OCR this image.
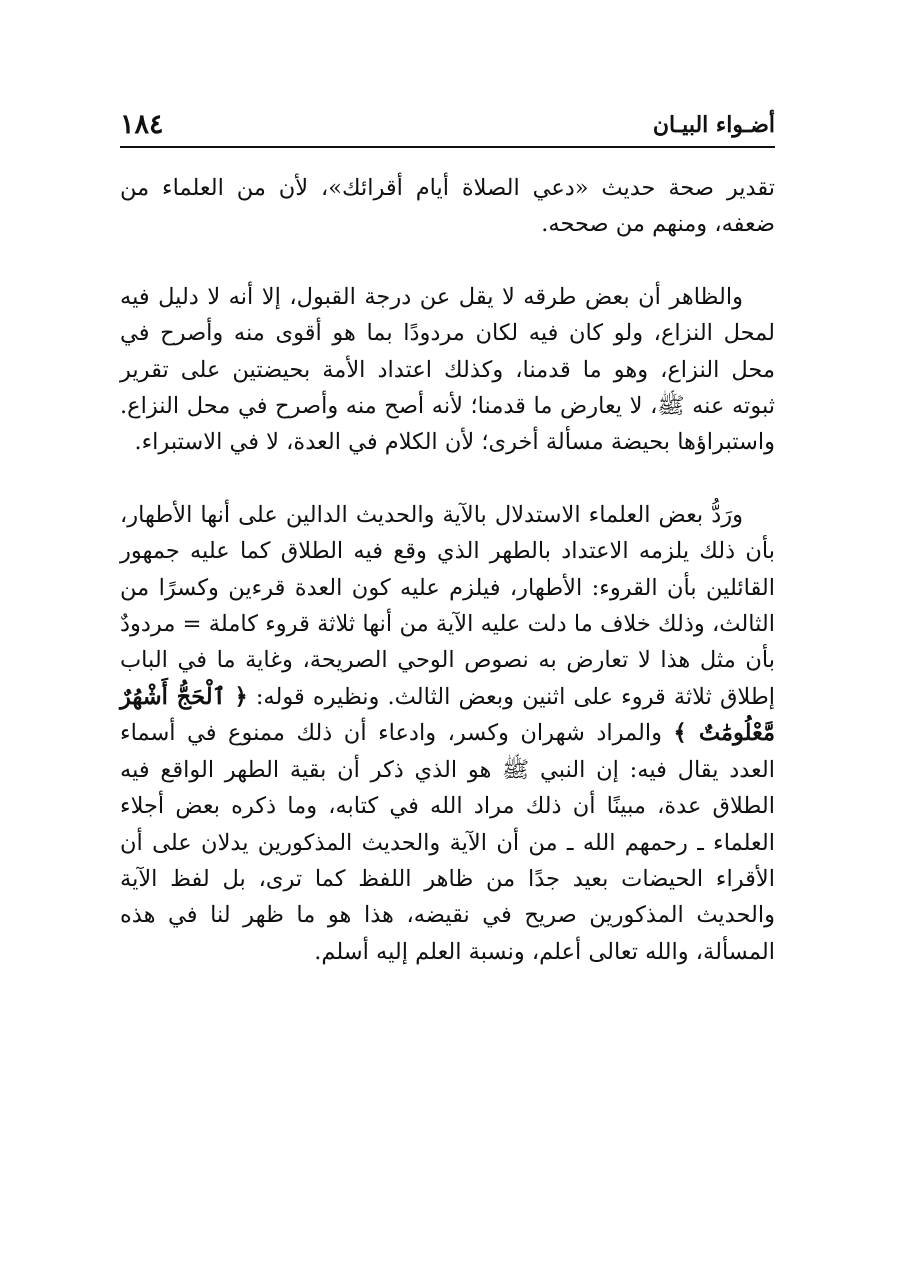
١٨٤	أضـواء البيـان

تقدير صحة حديث «دعي الصلاة أيام أقرائك»، لأن من العلماء من ضعفه، ومنهم من صححه.

والظاهر أن بعض طرقه لا يقل عن درجة القبول، إلا أنه لا دليل فيه لمحل النزاع، ولو كان فيه لكان مردودًا بما هو أقوى منه وأصرح في محل النزاع، وهو ما قدمنا، وكذلك اعتداد الأمة بحيضتين على تقرير ثبوته عنه ﷺ، لا يعارض ما قدمنا؛ لأنه أصح منه وأصرح في محل النزاع. واستبراؤها بحيضة مسألة أخرى؛ لأن الكلام في العدة، لا في الاستبراء.

ورَدُّ بعض العلماء الاستدلال بالآية والحديث الدالين على أنها الأطهار، بأن ذلك يلزمه الاعتداد بالطهر الذي وقع فيه الطلاق كما عليه جمهور القائلين بأن القروء: الأطهار، فيلزم عليه كون العدة قرءين وكسرًا من الثالث، وذلك خلاف ما دلت عليه الآية من أنها ثلاثة قروء كاملة = مردودٌ بأن مثل هذا لا تعارض به نصوص الوحي الصريحة، وغاية ما في الباب إطلاق ثلاثة قروء على اثنين وبعض الثالث. ونظيره قوله: ﴿ ٱلْحَجُّ أَشْهُرٌ مَّعْلُومَٰتٌ ﴾ والمراد شهران وكسر، وادعاء أن ذلك ممنوع في أسماء العدد يقال فيه: إن النبي ﷺ هو الذي ذكر أن بقية الطهر الواقع فيه الطلاق عدة، مبينًا أن ذلك مراد الله في كتابه، وما ذكره بعض أجلاء العلماء ـ رحمهم الله ـ من أن الآية والحديث المذكورين يدلان على أن الأقراء الحيضات بعيد جدًا من ظاهر اللفظ كما ترى، بل لفظ الآية والحديث المذكورين صريح في نقيضه، هذا هو ما ظهر لنا في هذه المسألة، والله تعالى أعلم، ونسبة العلم إليه أسلم.
